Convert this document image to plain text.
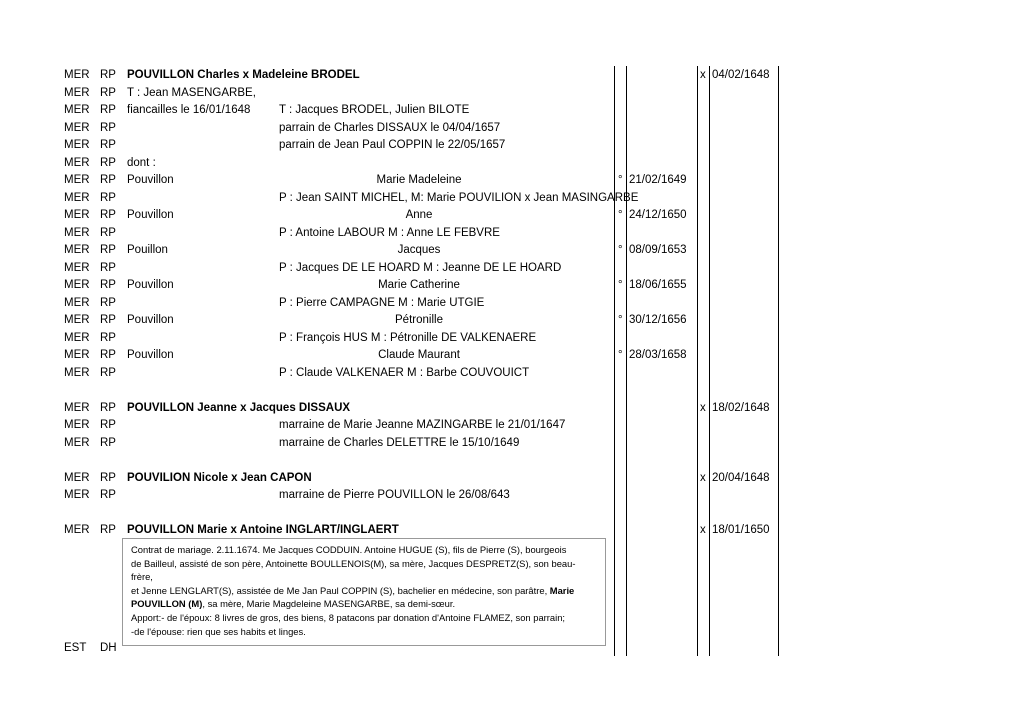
MER RP POUVILLON Charles x Madeleine BRODEL	x 04/02/1648
MER RP T : Jean MASENGARBE,
MER RP fiancailles le 16/01/1648 T : Jacques BRODEL, Julien BILOTE
MER RP	parrain de Charles DISSAUX le 04/04/1657
MER RP	parrain de Jean Paul COPPIN le 22/05/1657
MER RP dont :
MER RP Pouvillon	Marie Madeleine	° 21/02/1649
MER RP	P : Jean SAINT MICHEL, M: Marie POUVILION x Jean MASINGARBE
MER RP Pouvillon	Anne	° 24/12/1650
MER RP	P : Antoine LABOUR M : Anne LE FEBVRE
MER RP Pouillon	Jacques	° 08/09/1653
MER RP	P : Jacques DE LE HOARD M : Jeanne DE LE HOARD
MER RP Pouvillon	Marie Catherine	° 18/06/1655
MER RP	P : Pierre CAMPAGNE M : Marie UTGIE
MER RP Pouvillon	Pétronille	° 30/12/1656
MER RP	P : François HUS M : Pétronille DE VALKENAERE
MER RP Pouvillon	Claude Maurant	° 28/03/1658
MER RP	P : Claude VALKENAER M : Barbe COUVOUICT
MER RP POUVILLON Jeanne x Jacques DISSAUX	x 18/02/1648
MER RP	marraine de Marie Jeanne MAZINGARBE le 21/01/1647
MER RP	marraine de Charles DELETTRE le 15/10/1649
MER RP POUVILION Nicole x Jean CAPON	x 20/04/1648
MER RP	marraine de Pierre POUVILLON le 26/08/643
MER RP POUVILLON Marie x Antoine INGLART/INGLAERT	x 18/01/1650
EST DH

Contrat de mariage. 2.11.1674. Me Jacques CODDUIN. Antoine HUGUE (S), fils de Pierre (S), bourgeois

de Bailleul, assisté de son père, Antoinette BOULLENOIS(M), sa mère, Jacques DESPRETZ(S), son beau-

frère,

et Jenne LENGLART(S), assistée de Me Jan Paul COPPIN (S), bachelier en médecine, son parâtre, Marie

POUVILLON (M), sa mère, Marie Magdeleine MASENGARBE, sa demi-sœur.

Apport:- de l'époux: 8 livres de gros, des biens, 8 patacons par donation d'Antoine FLAMEZ, son parrain;

-de l'épouse: rien que ses habits et linges.
